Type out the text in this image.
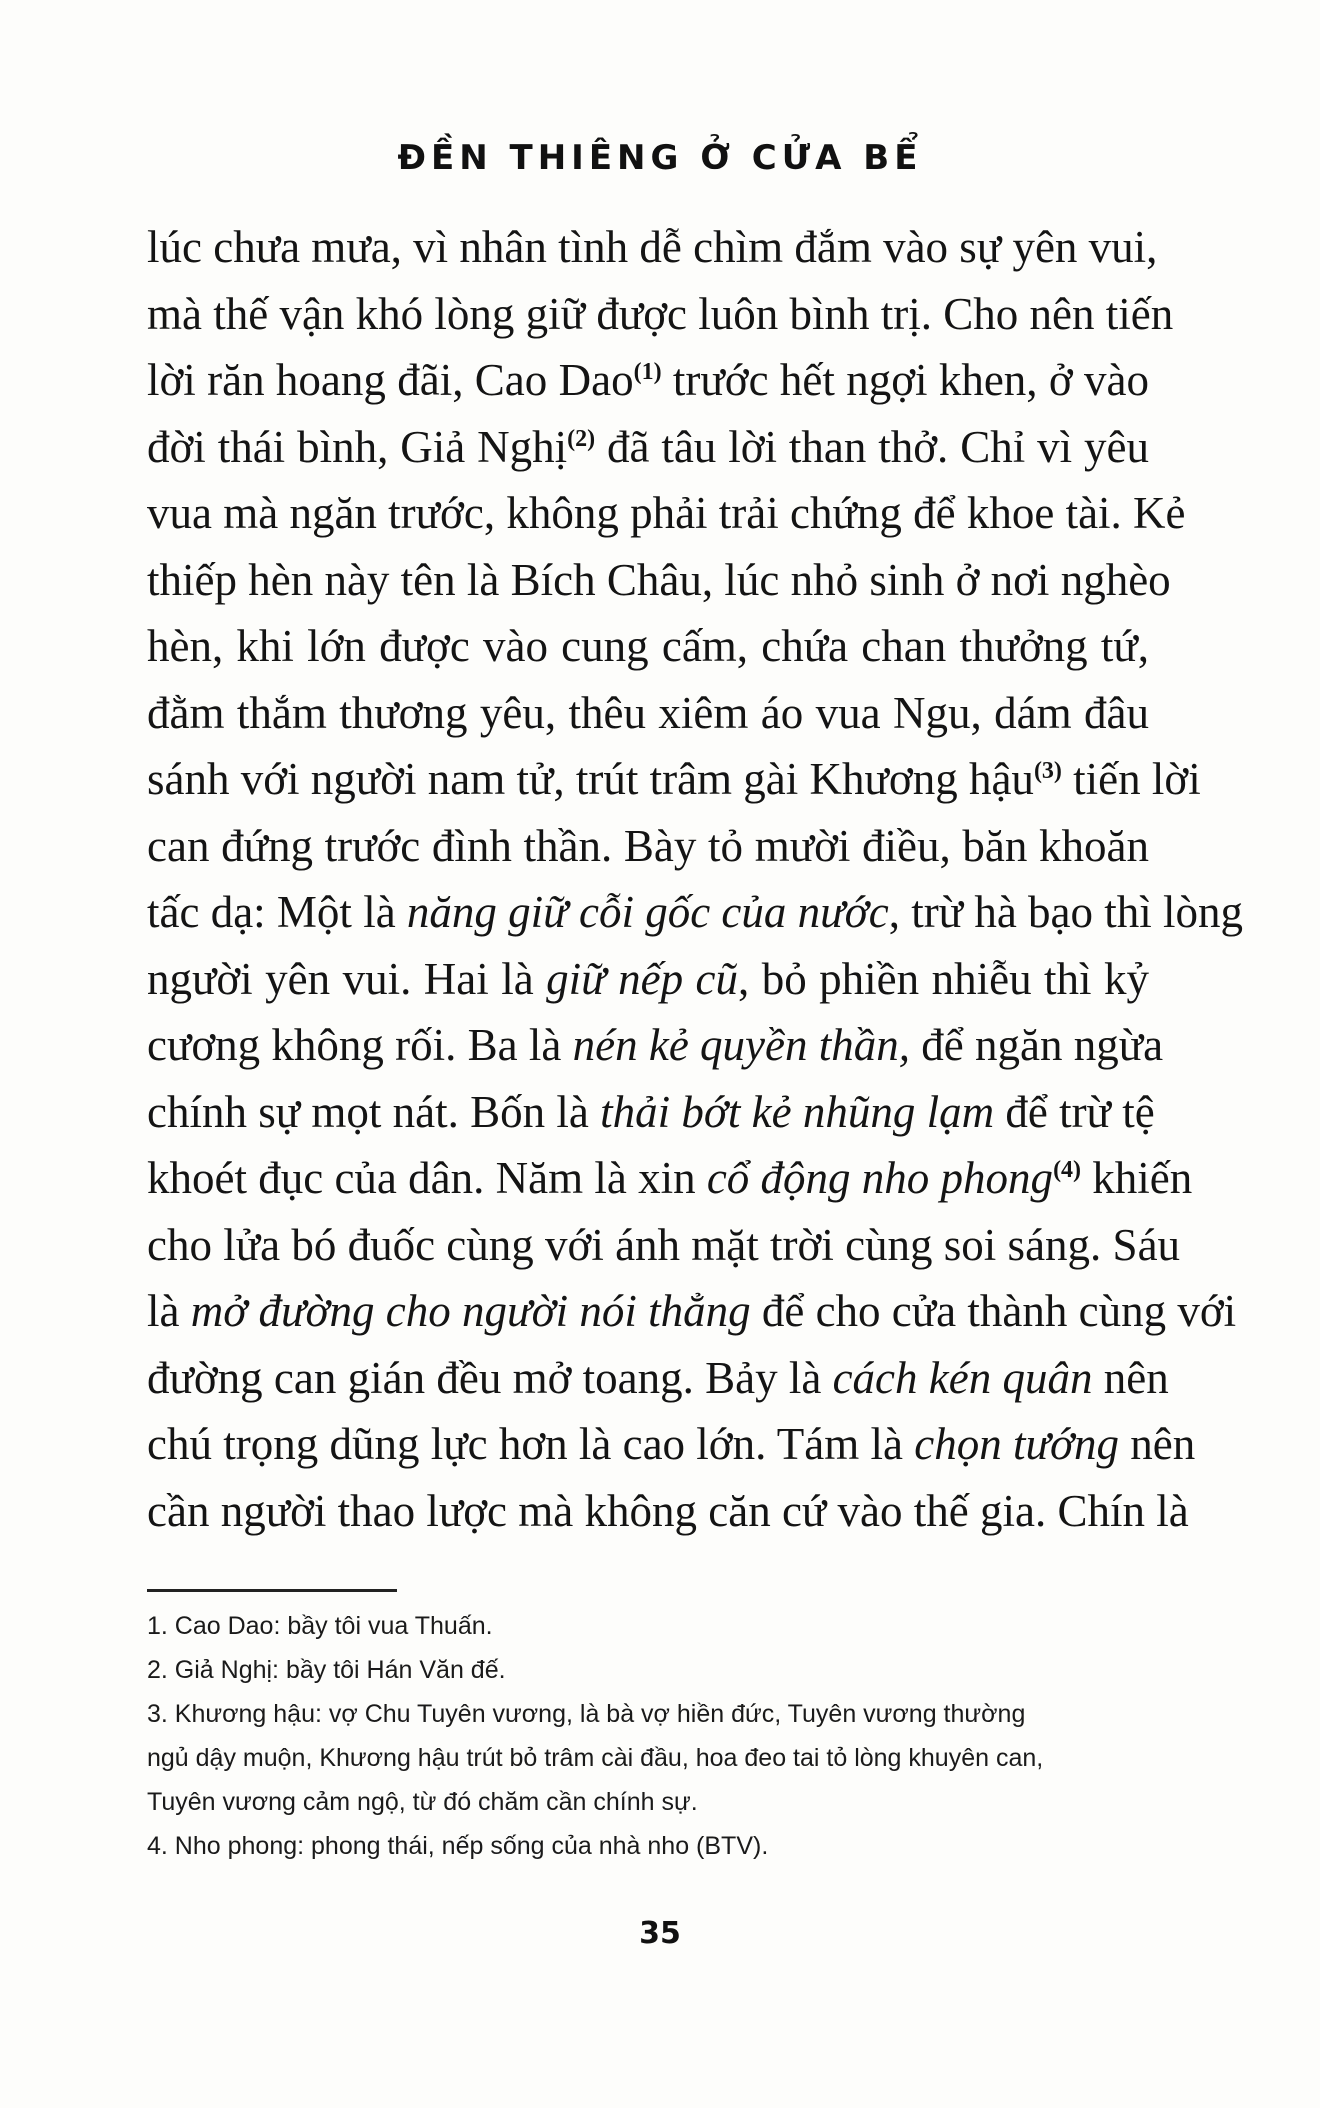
ĐỀN THIÊNG Ở CỬA BỂ
lúc chưa mưa, vì nhân tình dễ chìm đắm vào sự yên vui,
mà thế vận khó lòng giữ được luôn bình trị. Cho nên tiến
lời răn hoang đãi, Cao Dao$^{(1)}$ trước hết ngợi khen, ở vào
đời thái bình, Giả Nghị$^{(2)}$ đã tâu lời than thở. Chỉ vì yêu
vua mà ngăn trước, không phải trải chứng để khoe tài. Kẻ
thiếp hèn này tên là Bích Châu, lúc nhỏ sinh ở nơi nghèo
hèn, khi lớn được vào cung cấm, chứa chan thưởng tứ,
đằm thắm thương yêu, thêu xiêm áo vua Ngu, dám đâu
sánh với người nam tử, trút trâm gài Khương hậu$^{(3)}$ tiến lời
can đứng trước đình thần. Bày tỏ mười điều, băn khoăn
tấc dạ: Một là năng giữ cỗi gốc của nước, trừ hà bạo thì lòng
người yên vui. Hai là giữ nếp cũ, bỏ phiền nhiễu thì kỷ
cương không rối. Ba là nén kẻ quyền thần, để ngăn ngừa
chính sự mọt nát. Bốn là thải bớt kẻ nhũng lạm để trừ tệ
khoét đục của dân. Năm là xin cổ động nho phong$^{(4)}$ khiến
cho lửa bó đuốc cùng với ánh mặt trời cùng soi sáng. Sáu
là mở đường cho người nói thẳng để cho cửa thành cùng với
đường can gián đều mở toang. Bảy là cách kén quân nên
chú trọng dũng lực hơn là cao lớn. Tám là chọn tướng nên
cần người thao lược mà không căn cứ vào thế gia. Chín là
1. Cao Dao: bầy tôi vua Thuấn.
2. Giả Nghị: bầy tôi Hán Văn đế.
3. Khương hậu: vợ Chu Tuyên vương, là bà vợ hiền đức, Tuyên vương thường
ngủ dậy muộn, Khương hậu trút bỏ trâm cài đầu, hoa đeo tai tỏ lòng khuyên can,
Tuyên vương cảm ngộ, từ đó chăm cần chính sự.
4. Nho phong: phong thái, nếp sống của nhà nho (BTV).
35
